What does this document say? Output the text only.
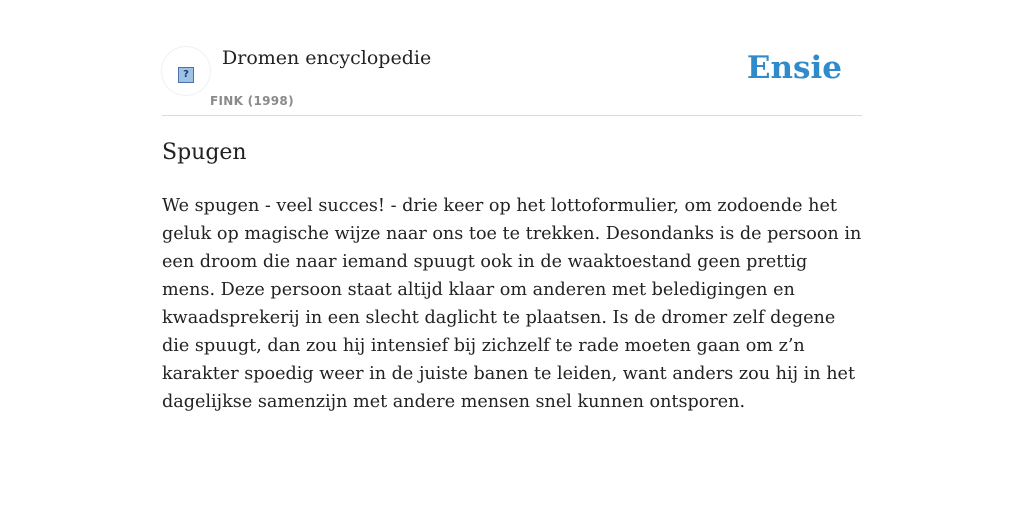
?
Dromen encyclopedie
FINK (1998)
Ensie
Spugen

We spugen - veel succes! - drie keer op het lottoformulier, om zodoende het geluk op magische wijze naar ons toe te trekken. Desondanks is de persoon in een droom die naar iemand spuugt ook in de waaktoestand geen prettig mens. Deze persoon staat altijd klaar om anderen met beledigingen en kwaadsprekerij in een slecht daglicht te plaatsen. Is de dromer zelf degene die spuugt, dan zou hij intensief bij zichzelf te rade moeten gaan om z’n karakter spoedig weer in de juiste banen te leiden, want anders zou hij in het dagelijkse samenzijn met andere mensen snel kunnen ontsporen.
